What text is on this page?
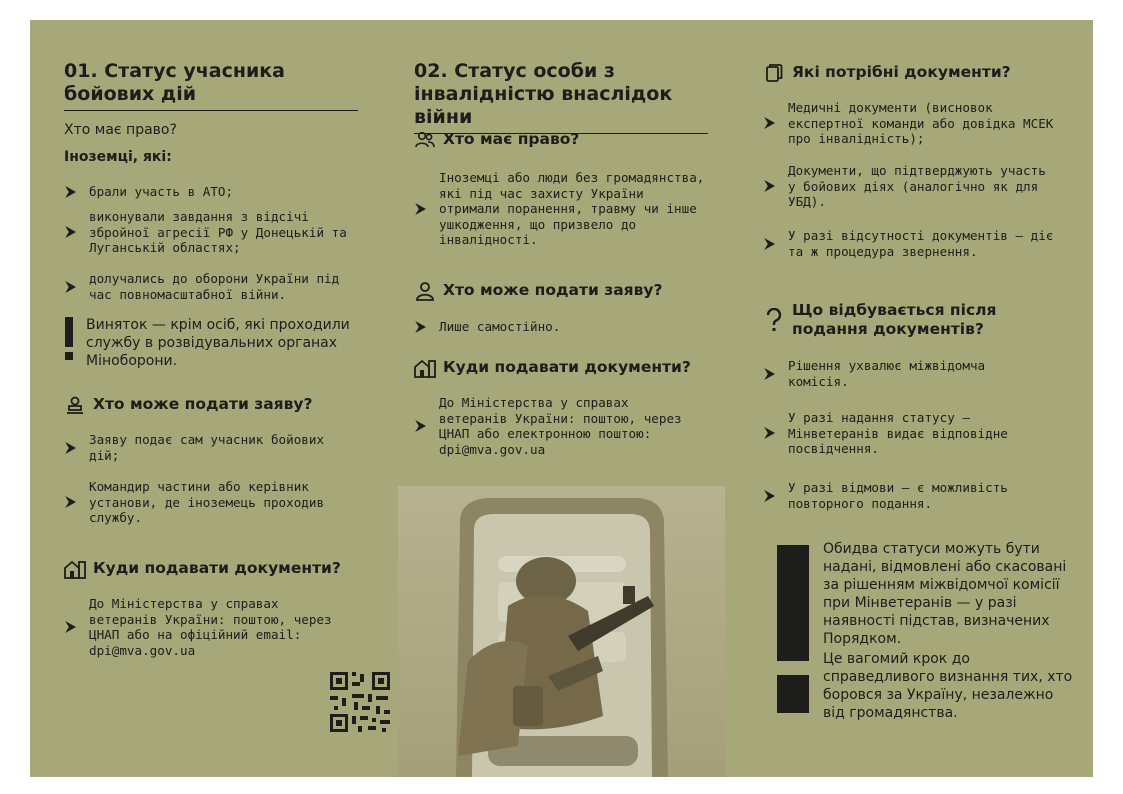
01. Статус учасника бойових дій
Хто має право?
Іноземці, які:
брали участь в АТО;
виконували завдання з відсічі збройної агресії РФ у Донецькій та Луганській областях;
долучались до оборони України під час повномасштабної війни.
Виняток — крім осіб, які проходили службу в розвідувальних органах Міноборони.
Хто може подати заяву?
Заяву подає сам учасник бойових дій;
Командир частини або керівник установи, де іноземець проходив службу.
Куди подавати документи?
До Міністерства у справах ветеранів України: поштою, через ЦНАП або на офіційний email: dpi@mva.gov.ua
02. Статус особи з інвалідністю внаслідок війни
Хто має право?
Іноземці або люди без громадянства, які під час захисту України отримали поранення, травму чи інше ушкодження, що призвело до інвалідності.
Хто може подати заяву?
Лише самостійно.
Куди подавати документи?
До Міністерства у справах ветеранів України: поштою, через ЦНАП або електронною поштою: dpi@mva.gov.ua
Які потрібні документи?
Медичні документи (висновок експертної команди або довідка МСЕК про інвалідність);
Документи, що підтверджують участь у бойових діях (аналогічно як для УБД).
У разі відсутності документів — діє та ж процедура звернення.
Що відбувається після подання документів?
Рішення ухвалює міжвідомча комісія.
У разі надання статусу — Мінветеранів видає відповідне посвідчення.
У разі відмови — є можливість повторного подання.
Обидва статуси можуть бути надані, відмовлені або скасовані за рішенням міжвідомчої комісії при Мінветеранів — у разі наявності підстав, визначених Порядком.
Це вагомий крок до справедливого визнання тих, хто боровся за Україну, незалежно від громадянства.
